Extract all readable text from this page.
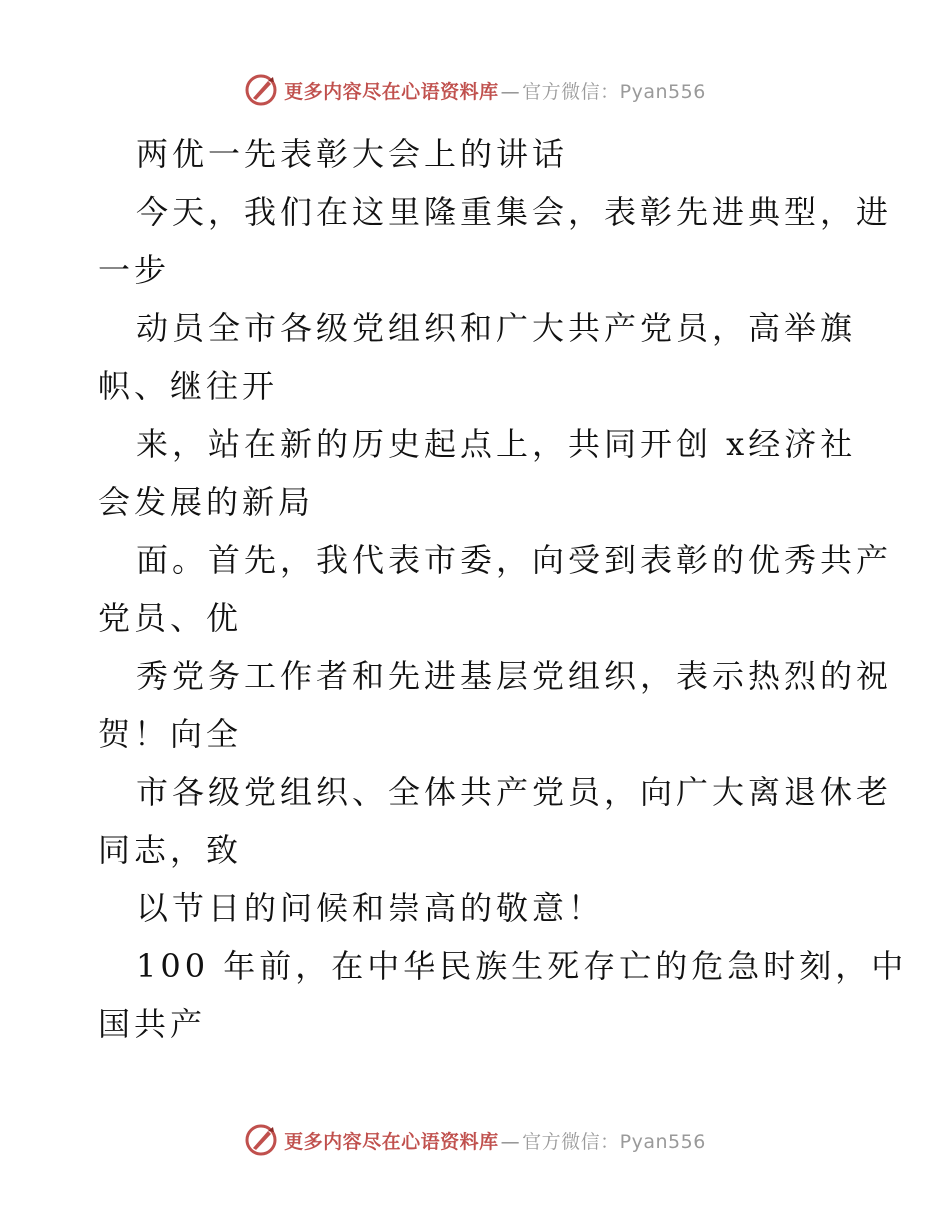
更多内容尽在心语资料库 — 官方微信：Pyan556
两优一先表彰大会上的讲话
今天，我们在这里隆重集会，表彰先进典型，进
一步
动员全市各级党组织和广大共产党员，高举旗
帜、继往开
来，站在新的历史起点上，共同开创 x经济社
会发展的新局
面。首先，我代表市委，向受到表彰的优秀共产
党员、优
秀党务工作者和先进基层党组织，表示热烈的祝
贺！向全
市各级党组织、全体共产党员，向广大离退休老
同志，致
以节日的问候和崇高的敬意！
100 年前，在中华民族生死存亡的危急时刻，中
国共产
更多内容尽在心语资料库 — 官方微信：Pyan556
